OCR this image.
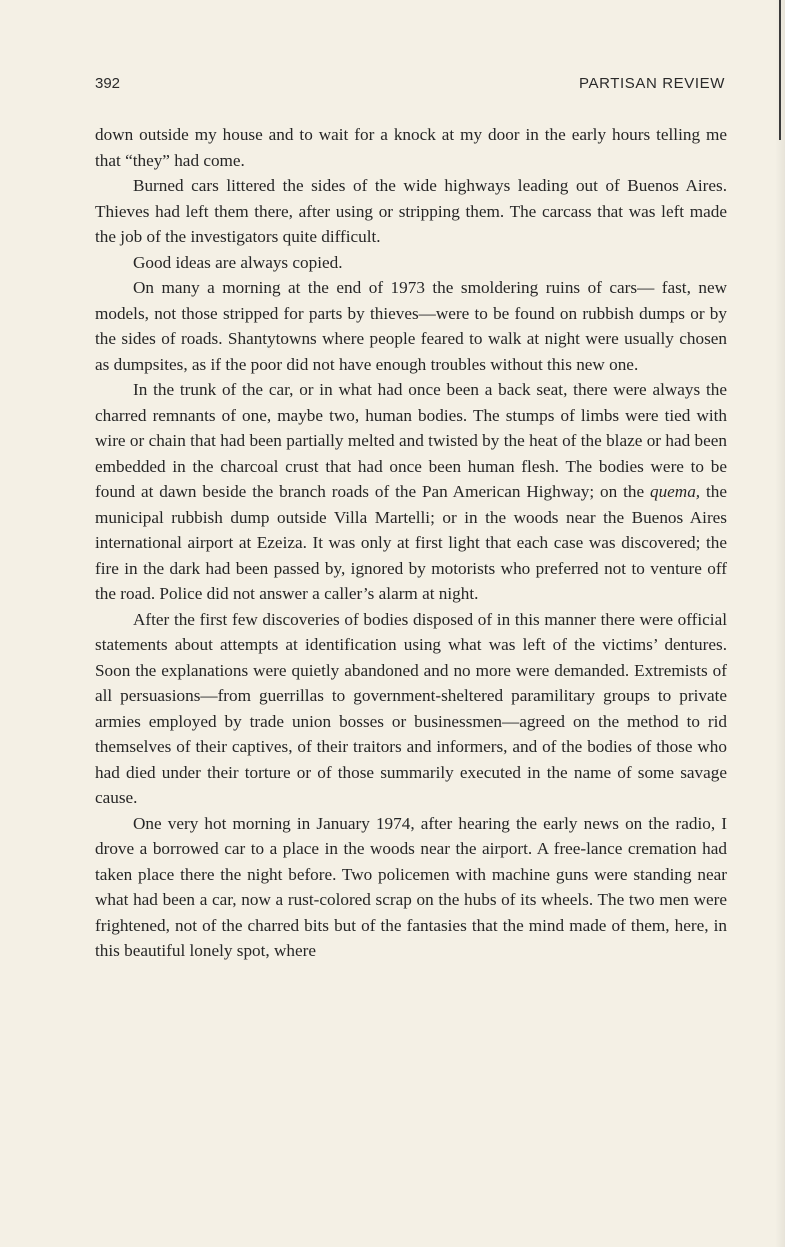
392	PARTISAN REVIEW

down outside my house and to wait for a knock at my door in the early hours telling me that “they” had come.

Burned cars littered the sides of the wide highways leading out of Buenos Aires. Thieves had left them there, after using or stripping them. The carcass that was left made the job of the investigators quite difficult.

Good ideas are always copied.

On many a morning at the end of 1973 the smoldering ruins of cars— fast, new models, not those stripped for parts by thieves—were to be found on rubbish dumps or by the sides of roads. Shantytowns where people feared to walk at night were usually chosen as dumpsites, as if the poor did not have enough troubles without this new one.

In the trunk of the car, or in what had once been a back seat, there were always the charred remnants of one, maybe two, human bodies. The stumps of limbs were tied with wire or chain that had been partially melted and twisted by the heat of the blaze or had been embedded in the charcoal crust that had once been human flesh. The bodies were to be found at dawn beside the branch roads of the Pan American Highway; on the quema, the municipal rubbish dump outside Villa Martelli; or in the woods near the Buenos Aires international airport at Ezeiza. It was only at first light that each case was discovered; the fire in the dark had been passed by, ignored by motorists who preferred not to venture off the road. Police did not answer a caller’s alarm at night.

After the first few discoveries of bodies disposed of in this manner there were official statements about attempts at identification using what was left of the victims’ dentures. Soon the explanations were quietly abandoned and no more were demanded. Extremists of all persuasions—from guerrillas to government-sheltered paramilitary groups to private armies employed by trade union bosses or businessmen—agreed on the method to rid themselves of their captives, of their traitors and informers, and of the bodies of those who had died under their torture or of those summarily executed in the name of some savage cause.

One very hot morning in January 1974, after hearing the early news on the radio, I drove a borrowed car to a place in the woods near the airport. A free-lance cremation had taken place there the night before. Two policemen with machine guns were standing near what had been a car, now a rust-colored scrap on the hubs of its wheels. The two men were frightened, not of the charred bits but of the fantasies that the mind made of them, here, in this beautiful lonely spot, where
